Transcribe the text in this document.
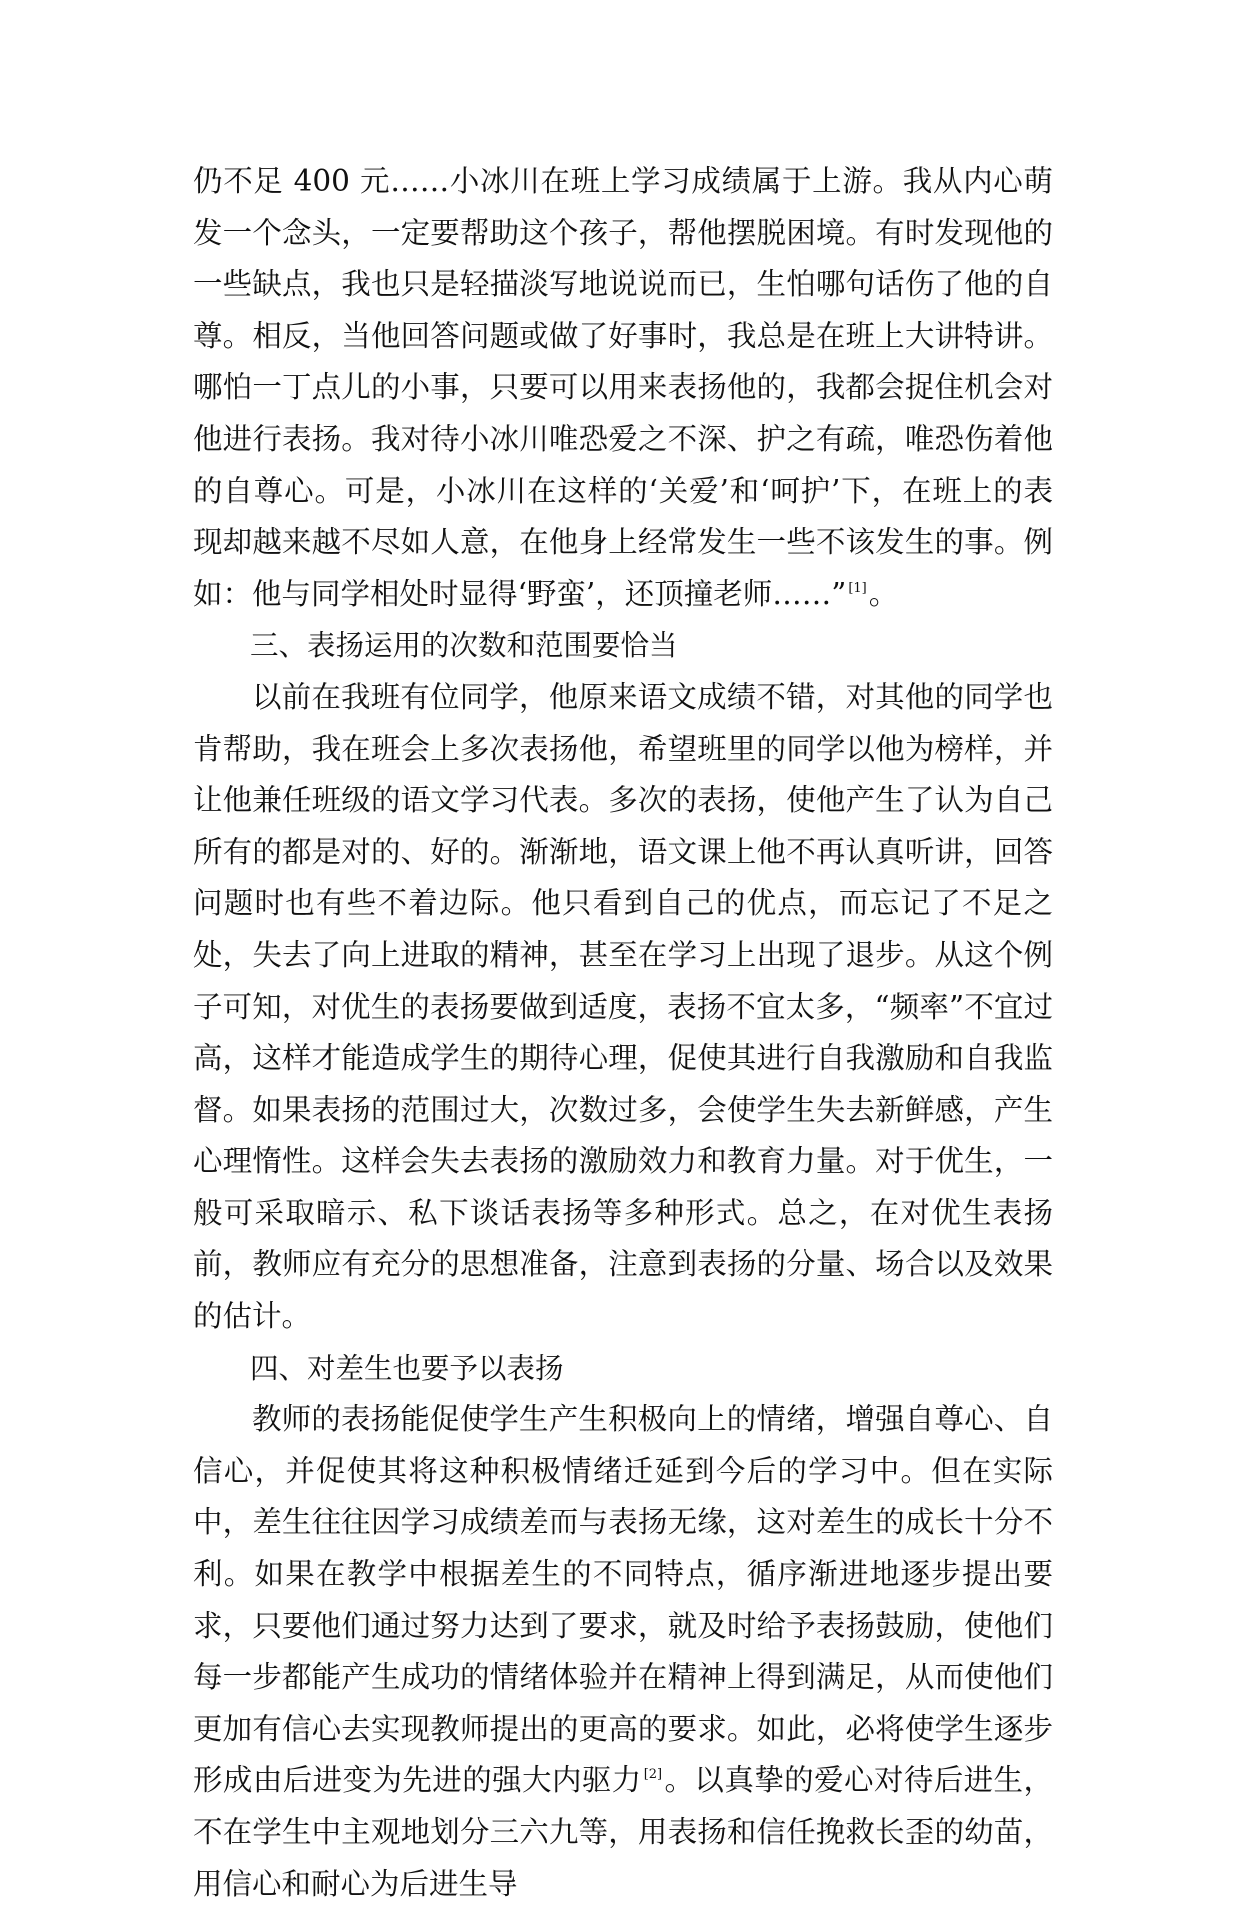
仍不足 400 元……小冰川在班上学习成绩属于上游。我从内心萌发一个念头，一定要帮助这个孩子，帮他摆脱困境。有时发现他的一些缺点，我也只是轻描淡写地说说而已，生怕哪句话伤了他的自尊。相反，当他回答问题或做了好事时，我总是在班上大讲特讲。哪怕一丁点儿的小事，只要可以用来表扬他的，我都会捉住机会对他进行表扬。我对待小冰川唯恐爱之不深、护之有疏，唯恐伤着他的自尊心。可是，小冰川在这样的‘关爱’和‘呵护’下，在班上的表现却越来越不尽如人意，在他身上经常发生一些不该发生的事。例如：他与同学相处时显得‘野蛮’，还顶撞老师……” [1]。

三、表扬运用的次数和范围要恰当

以前在我班有位同学，他原来语文成绩不错，对其他的同学也肯帮助，我在班会上多次表扬他，希望班里的同学以他为榜样，并让他兼任班级的语文学习代表。多次的表扬，使他产生了认为自己所有的都是对的、好的。渐渐地，语文课上他不再认真听讲，回答问题时也有些不着边际。他只看到自己的优点，而忘记了不足之处，失去了向上进取的精神，甚至在学习上出现了退步。从这个例子可知，对优生的表扬要做到适度，表扬不宜太多，“频率”不宜过高，这样才能造成学生的期待心理，促使其进行自我激励和自我监督。如果表扬的范围过大，次数过多，会使学生失去新鲜感，产生心理惰性。这样会失去表扬的激励效力和教育力量。对于优生，一般可采取暗示、私下谈话表扬等多种形式。总之，在对优生表扬前，教师应有充分的思想准备，注意到表扬的分量、场合以及效果的估计。

四、对差生也要予以表扬

教师的表扬能促使学生产生积极向上的情绪，增强自尊心、自信心，并促使其将这种积极情绪迁延到今后的学习中。但在实际中，差生往往因学习成绩差而与表扬无缘，这对差生的成长十分不利。如果在教学中根据差生的不同特点，循序渐进地逐步提出要求，只要他们通过努力达到了要求，就及时给予表扬鼓励，使他们每一步都能产生成功的情绪体验并在精神上得到满足，从而使他们更加有信心去实现教师提出的更高的要求。如此，必将使学生逐步形成由后进变为先进的强大内驱力 [2]。以真挚的爱心对待后进生，不在学生中主观地划分三六九等，用表扬和信任挽救长歪的幼苗，用信心和耐心为后进生导
